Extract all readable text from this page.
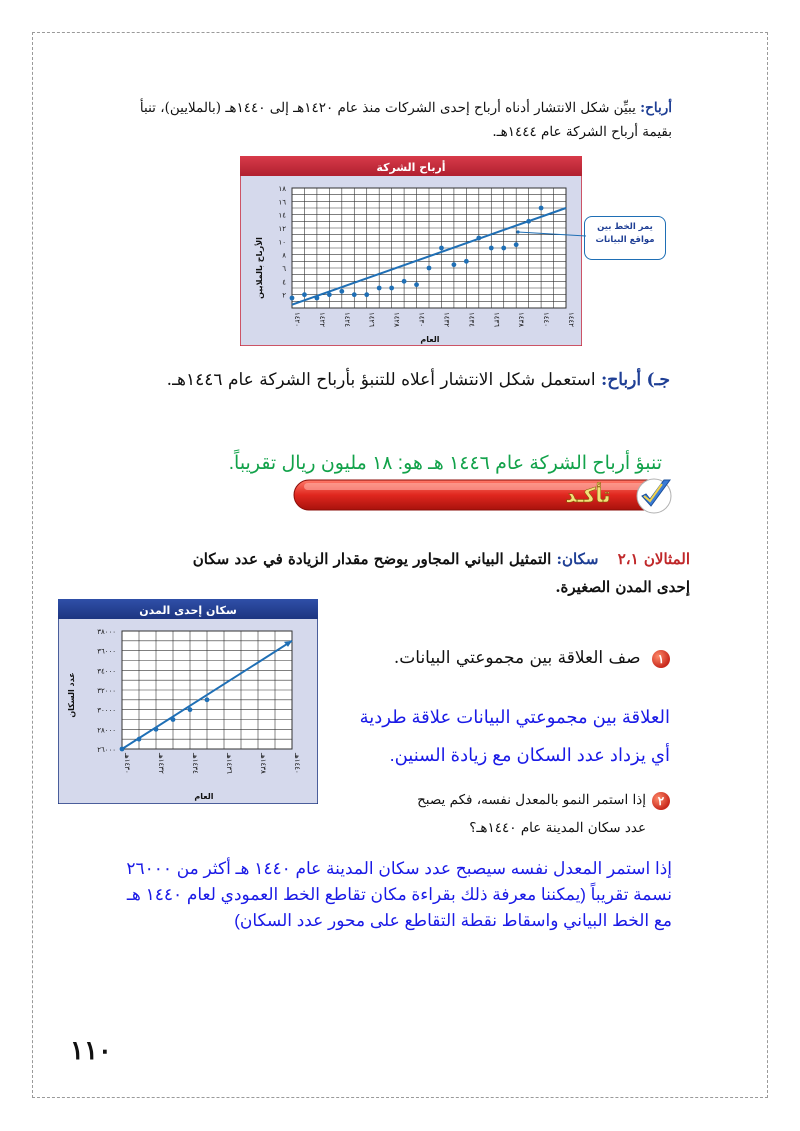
أرباح: يبيِّن شكل الانتشار أدناه أرباح إحدى الشركات منذ عام ١٤٢٠هـ إلى ١٤٤٠هـ (بالملايين)، تنبأ بقيمة أرباح الشركة عام ١٤٤٤هـ.
أرباح الشركة
٢
٤
٦
٨
١٠
١٢
١٤
١٦
١٨
١٤٢٠ ١٤٢٢ ١٤٢٤ ١٤٢٦ ١٤٢٨ ١٤٣٠ ١٤٣٢ ١٤٣٤ ١٤٣٦ ١٤٣٨ ١٤٤٠ ١٤٤٢
الأرباح بالملايين
العام
يمر الخط بين مواقع البيانات
جـ) أرباح: استعمل شكل الانتشار أعلاه للتنبؤ بأرباح الشركة عام ١٤٤٦هـ.
تنبؤ أرباح الشركة عام ١٤٤٦ هـ هو: ١٨ مليون ريال تقريباً.
تأكـد
المثالان ٢،١ سكان: التمثيل البياني المجاور يوضح مقدار الزيادة في عدد سكان إحدى المدن الصغيرة.
سكان إحدى المدن
٢٦٠٠٠
٢٨٠٠٠
٣٠٠٠٠
٣٢٠٠٠
٣٤٠٠٠
٣٦٠٠٠
٣٨٠٠٠
١٤٣٠هـ
١٤٣٢هـ
١٤٣٤هـ
١٤٣٦هـ
١٤٣٨هـ
١٤٤٠هـ
عدد السكان
العام
١ صف العلاقة بين مجموعتي البيانات.
العلاقة بين مجموعتي البيانات علاقة طردية
أي يزداد عدد السكان مع زيادة السنين.
٢إذا استمر النمو بالمعدل نفسه، فكم يصبح
عدد سكان المدينة عام ١٤٤٠هـ؟
إذا استمر المعدل نفسه سيصبح عدد سكان المدينة عام ١٤٤٠ هـ أكثر من ٢٦٠٠٠ نسمة تقريباً (يمكننا معرفة ذلك بقراءة مكان تقاطع الخط العمودي لعام ١٤٤٠ هـ مع الخط البياني واسقاط نقطة التقاطع على محور عدد السكان)
١١٠
